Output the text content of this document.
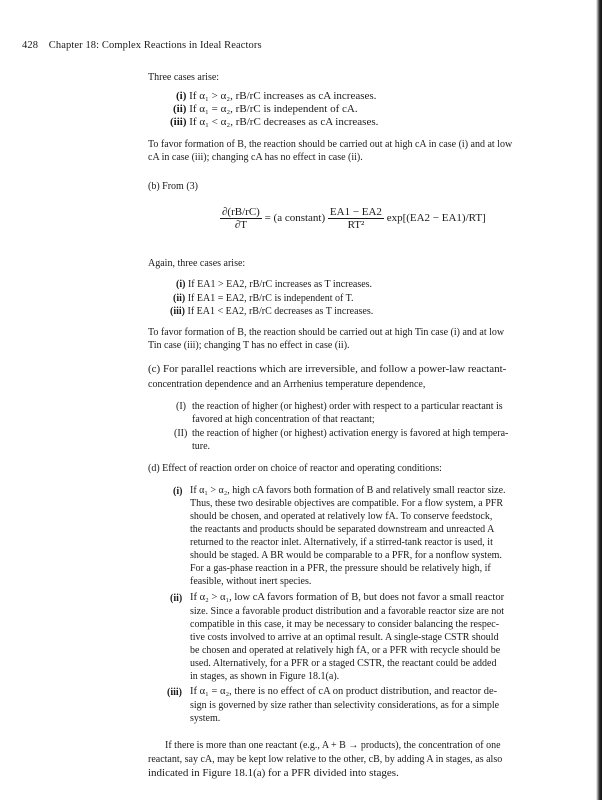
428 Chapter 18: Complex Reactions in Ideal Reactors
Three cases arise:
(i) If α₁ > α₂, rB/rC increases as cA increases.
(ii) If α₁ = α₂, rB/rC is independent of cA.
(iii) If α₁ < α₂, rB/rC decreases as cA increases.
To favor formation of B, the reaction should be carried out at high cA in case (i) and at low
cA in case (iii); changing cA has no effect in case (ii).
(b) From (3)
$\frac{\partial(rB/rC)}{\partial T} = (a$ constant) $\frac{EA1 - EA2}{\text{RT²}} \exp[(EA2 - EA1)/RT]$
Again, three cases arise:
(i) If EA1 > EA2, rB/rC increases as T increases.
(ii) If EA1 = EA2, rB/rC is independent of T.
(iii) If EA1 < EA2, rB/rC decreases as T increases.
To favor formation of B, the reaction should be carried out at high Tin case (i) and at low
Tin case (iii); changing T has no effect in case (ii).
(c) For parallel reactions which are irreversible, and follow a power-law reactant-
concentration dependence and an Arrhenius temperature dependence,
(I) the reaction of higher (or highest) order with respect to a particular reactant is
favored at high concentration of that reactant;
(II) the reaction of higher (or highest) activation energy is favored at high tempera-
ture.
(d) Effect of reaction order on choice of reactor and operating conditions:
(i) If α₁ > α₂, high cA favors both formation of B and relatively small reactor size.
Thus, these two desirable objectives are compatible. For a flow system, a PFR
should be chosen, and operated at relatively low fA. To conserve feedstock,
the reactants and products should be separated downstream and unreacted A
returned to the reactor inlet. Alternatively, if a stirred-tank reactor is used, it
should be staged. A BR would be comparable to a PFR, for a nonflow system.
For a gas-phase reaction in a PFR, the pressure should be relatively high, if
feasible, without inert species.
(ii) If α₂ > α₁, low cA favors formation of B, but does not favor a small reactor
size. Since a favorable product distribution and a favorable reactor size are not
compatible in this case, it may be necessary to consider balancing the respec-
tive costs involved to arrive at an optimal result. A single-stage CSTR should
be chosen and operated at relatively high fA, or a PFR with recycle should be
used. Alternatively, for a PFR or a staged CSTR, the reactant could be added
in stages, as shown in Figure 18.1(a).
(iii) If α₁ = α₂, there is no effect of cA on product distribution, and reactor de-
sign is governed by size rather than selectivity considerations, as for a simple
system.
If there is more than one reactant (e.g., A + B → products), the concentration of one
reactant, say cA, may be kept low relative to the other, cB, by adding A in stages, as also
indicated in Figure 18.1(a) for a PFR divided into stages.
